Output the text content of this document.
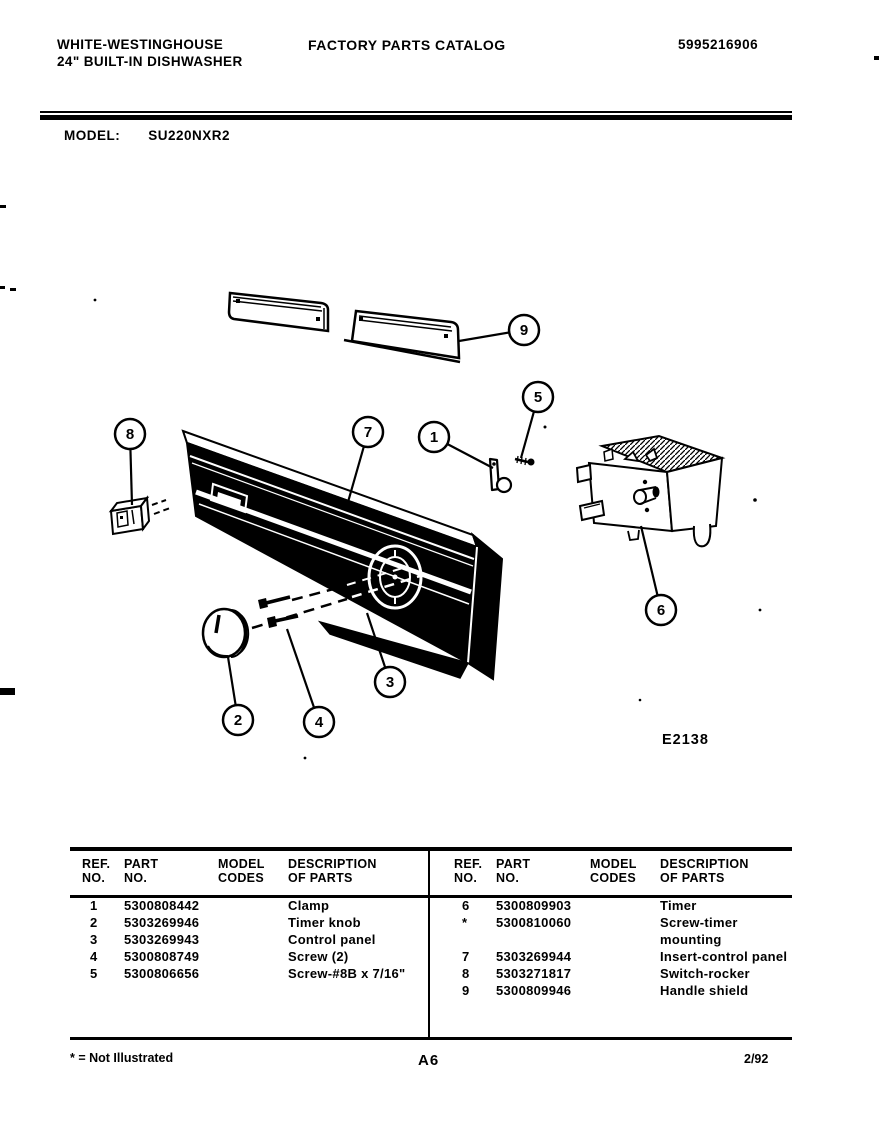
WHITE-WESTINGHOUSE
24" BUILT-IN DISHWASHER
FACTORY PARTS CATALOG	5995216906
MODEL: SU220NXR2
9
5
1
7
8
6
2	4
3
E2138
REF.
NO.
PART
NO.
MODEL
CODES
DESCRIPTION
OF PARTS
1	5300808442	Clamp
2	5303269946	Timer knob
3	5303269943	Control panel
4	5300808749	Screw (2)
5	5300806656	Screw-#8B x 7/16"
REF.
NO.
PART
NO.
MODEL
CODES
DESCRIPTION
OF PARTS
6	5300809903	Timer
*	5300810060	Screw-timer mounting
7	5303269944	Insert-control panel
8	5303271817	Switch-rocker
9	5300809946	Handle shield
* = Not Illustrated	A6	2/92
